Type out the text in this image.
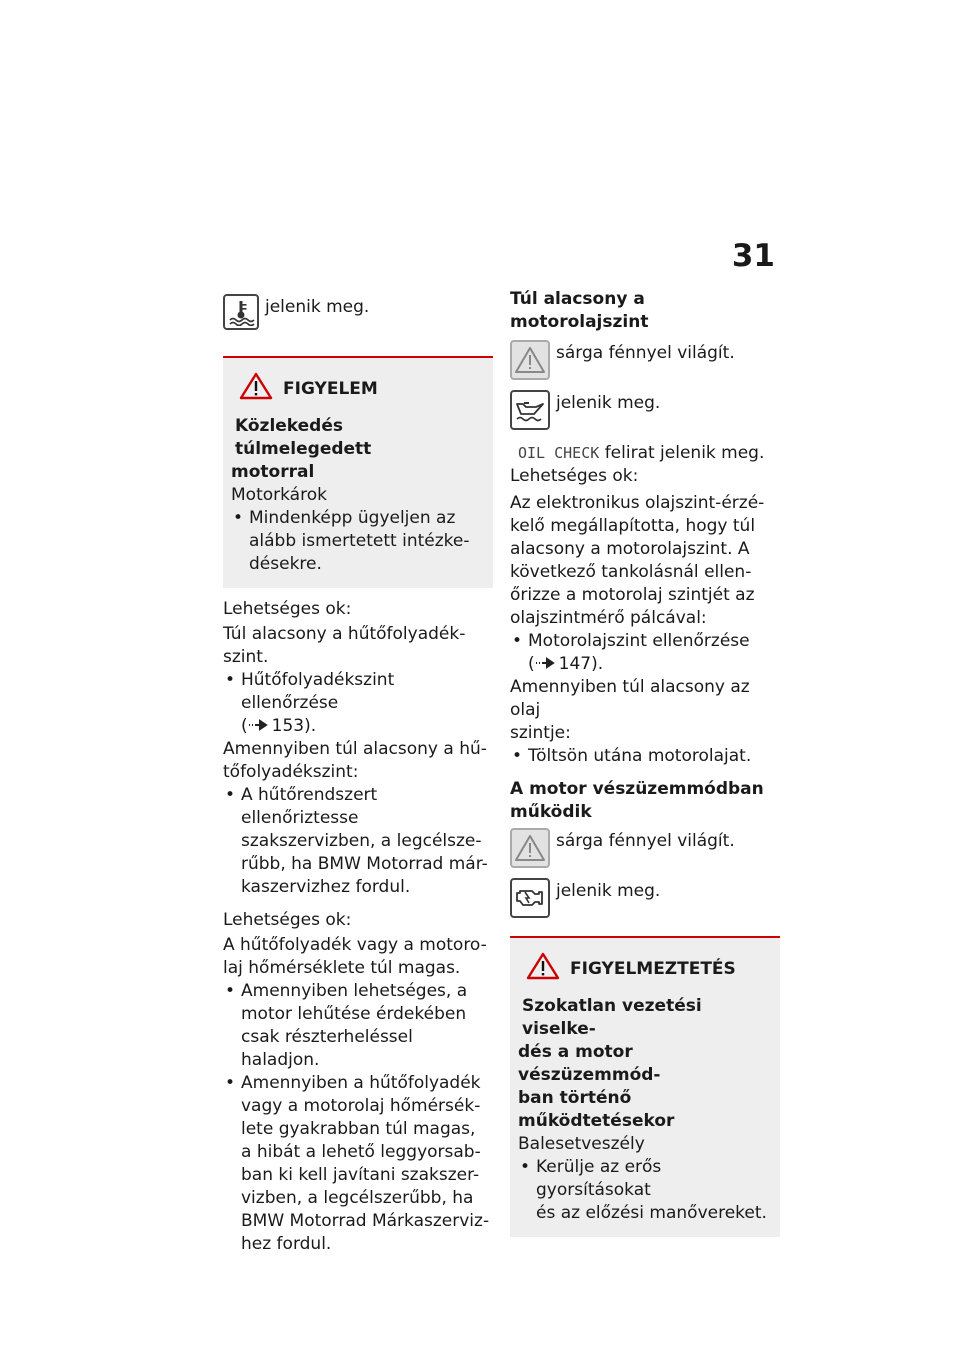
31
jelenik meg.
FIGYELEM

Közlekedés túlmelegedett

motorral

Motorkárok

• Mindenképp ügyeljen az

alább ismertetett intézke-

désekre.

Lehetséges ok:

Túl alacsony a hűtőfolyadék-

szint.

• Hűtőfolyadékszint ellenőrzése

( 153).

Amennyiben túl alacsony a hű-

tőfolyadékszint:

• A hűtőrendszert ellenőriztesse

szakszervizben, a legcélsze-

rűbb, ha BMW Motorrad már-

kaszervizhez fordul.

Lehetséges ok:

A hűtőfolyadék vagy a motoro-

laj hőmérséklete túl magas.

• Amennyiben lehetséges, a

motor lehűtése érdekében

csak részterheléssel haladjon.

• Amennyiben a hűtőfolyadék

vagy a motorolaj hőmérsék-

lete gyakrabban túl magas,

a hibát a lehető leggyorsab-

ban ki kell javítani szakszer-

vizben, a legcélszerűbb, ha

BMW Motorrad Márkaszerviz-

hez fordul.

Túl alacsony a motorolajszint

sárga fénnyel világít.
jelenik meg.

OIL CHECK felirat jelenik meg.

Lehetséges ok:

Az elektronikus olajszint-érzé-

kelő megállapította, hogy túl

alacsony a motorolajszint. A

következő tankolásnál ellen-

őrizze a motorolaj szintjét az

olajszintmérő pálcával:

• Motorolajszint ellenőrzése

( 147).

Amennyiben túl alacsony az olaj

szintje:

• Töltsön utána motorolajat.

A motor vészüzemmódban

működik

sárga fénnyel világít.
jelenik meg.
FIGYELMEZTETÉS

Szokatlan vezetési viselke-

dés a motor vészüzemmód-

ban történő működtetésekor

Balesetveszély

• Kerülje az erős gyorsításokat

és az előzési manővereket.
